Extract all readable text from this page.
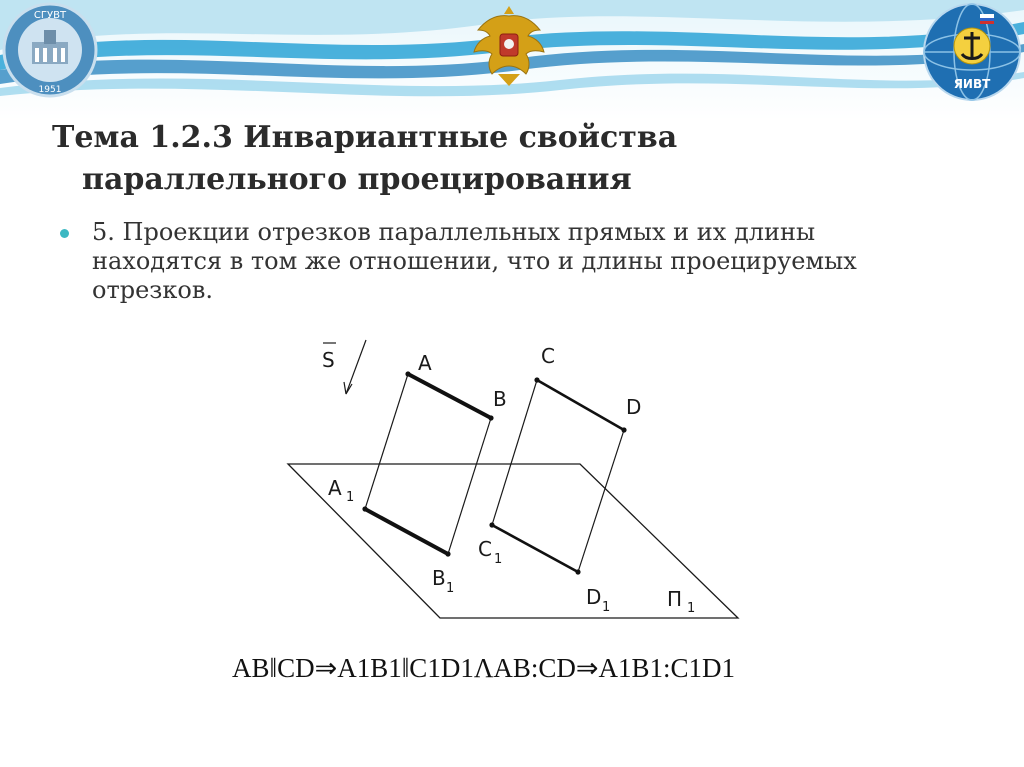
СГУВТ
1951	ЯИВТ
Тема 1.2.3 Инвариантные свойства
параллельного проецирования
5. Проекции отрезков параллельных прямых и их длины находятся в том же отношении, что и длины проецируемых отрезков.
S	A
B
C
D
A 1
B 1
C 1
D 1	П 1
AB‖CD⇒A1B1‖C1D1ΛAB:CD⇒A1B1:C1D1
